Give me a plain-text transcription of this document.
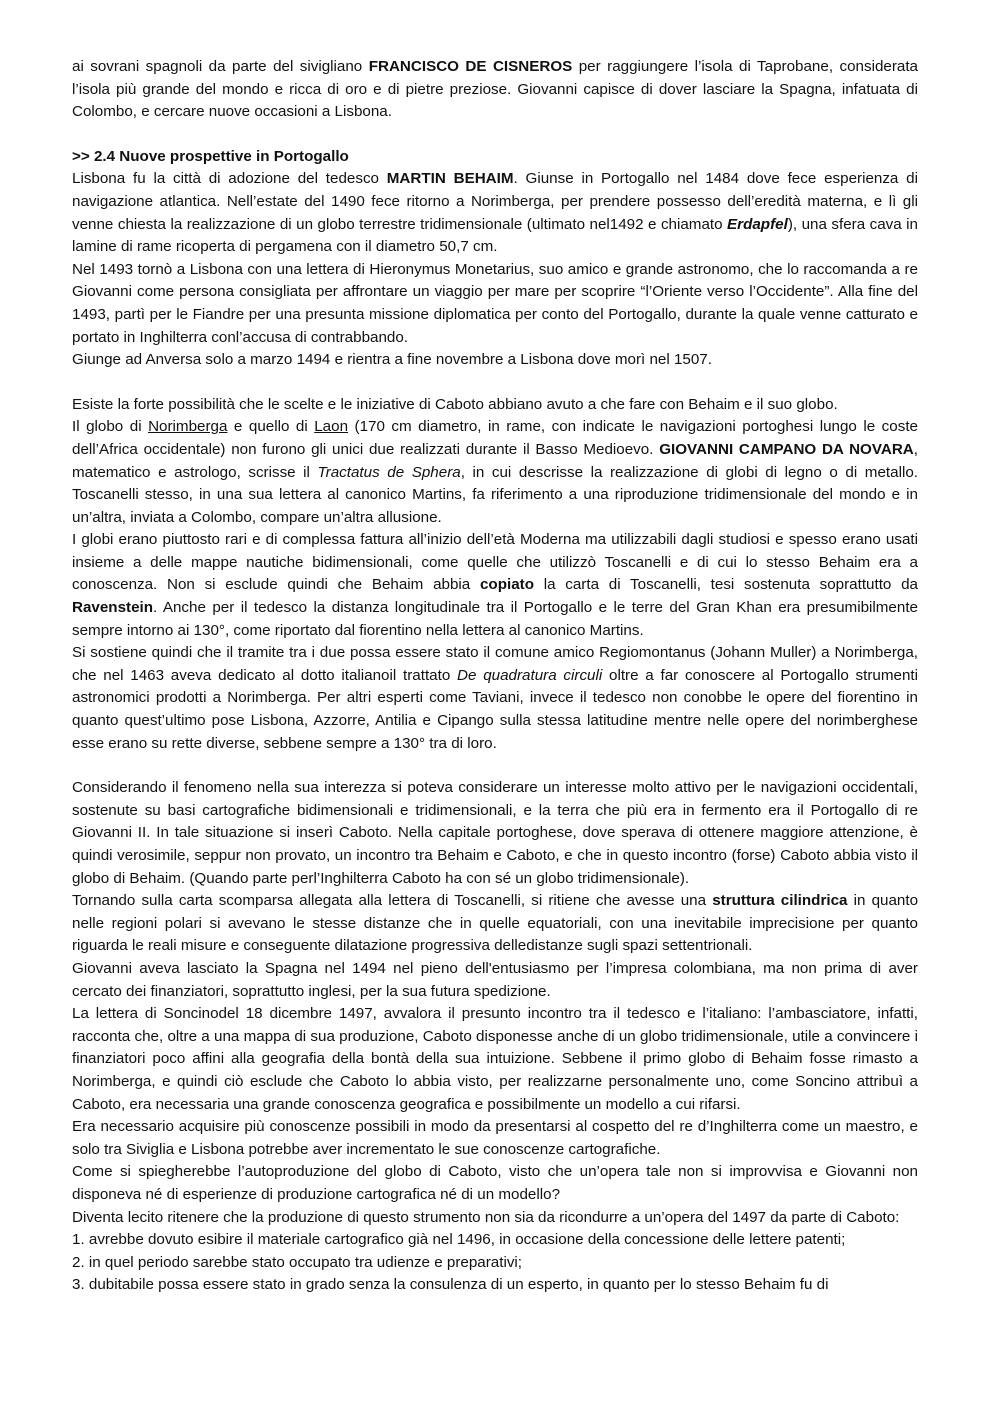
ai sovrani spagnoli da parte del sivigliano FRANCISCO DE CISNEROS per raggiungere l’isola di Taprobane, considerata l’isola più grande del mondo e ricca di oro e di pietre preziose. Giovanni capisce di dover lasciare la Spagna, infatuata di Colombo, e cercare nuove occasioni a Lisbona.

>> 2.4 Nuove prospettive in Portogallo

Lisbona fu la città di adozione del tedesco MARTIN BEHAIM. Giunse in Portogallo nel 1484 dove fece esperienza di navigazione atlantica. Nell’estate del 1490 fece ritorno a Norimberga, per prendere possesso dell’eredità materna, e lì gli venne chiesta la realizzazione di un globo terrestre tridimensionale (ultimato nel1492 e chiamato Erdapfel), una sfera cava in lamine di rame ricoperta di pergamena con il diametro 50,7 cm.

Nel 1493 tornò a Lisbona con una lettera di Hieronymus Monetarius, suo amico e grande astronomo, che lo raccomanda a re Giovanni come persona consigliata per affrontare un viaggio per mare per scoprire “l’Oriente verso l’Occidente”. Alla fine del 1493, partì per le Fiandre per una presunta missione diplomatica per conto del Portogallo, durante la quale venne catturato e portato in Inghilterra conl’accusa di contrabbando.

Giunge ad Anversa solo a marzo 1494 e rientra a fine novembre a Lisbona dove morì nel 1507.

Esiste la forte possibilità che le scelte e le iniziative di Caboto abbiano avuto a che fare con Behaim e il suo globo.

Il globo di Norimberga e quello di Laon (170 cm diametro, in rame, con indicate le navigazioni portoghesi lungo le coste dell’Africa occidentale) non furono gli unici due realizzati durante il Basso Medioevo. GIOVANNI CAMPANO DA NOVARA, matematico e astrologo, scrisse il Tractatus de Sphera, in cui descrisse la realizzazione di globi di legno o di metallo. Toscanelli stesso, in una sua lettera al canonico Martins, fa riferimento a una riproduzione tridimensionale del mondo e in un’altra, inviata a Colombo, compare un’altra allusione.

I globi erano piuttosto rari e di complessa fattura all’inizio dell’età Moderna ma utilizzabili dagli studiosi e spesso erano usati insieme a delle mappe nautiche bidimensionali, come quelle che utilizzò Toscanelli e di cui lo stesso Behaim era a conoscenza. Non si esclude quindi che Behaim abbia copiato la carta di Toscanelli, tesi sostenuta soprattutto da Ravenstein. Anche per il tedesco la distanza longitudinale tra il Portogallo e le terre del Gran Khan era presumibilmente sempre intorno ai 130°, come riportato dal fiorentino nella lettera al canonico Martins.

Si sostiene quindi che il tramite tra i due possa essere stato il comune amico Regiomontanus (Johann Muller) a Norimberga, che nel 1463 aveva dedicato al dotto italianoil trattato De quadratura circuli oltre a far conoscere al Portogallo strumenti astronomici prodotti a Norimberga. Per altri esperti come Taviani, invece il tedesco non conobbe le opere del fiorentino in quanto quest’ultimo pose Lisbona, Azzorre, Antilia e Cipango sulla stessa latitudine mentre nelle opere del norimberghese esse erano su rette diverse, sebbene sempre a 130° tra di loro.

Considerando il fenomeno nella sua interezza si poteva considerare un interesse molto attivo per le navigazioni occidentali, sostenute su basi cartografiche bidimensionali e tridimensionali, e la terra che più era in fermento era il Portogallo di re Giovanni II. In tale situazione si inserì Caboto. Nella capitale portoghese, dove sperava di ottenere maggiore attenzione, è quindi verosimile, seppur non provato, un incontro tra Behaim e Caboto, e che in questo incontro (forse) Caboto abbia visto il globo di Behaim. (Quando parte perl’Inghilterra Caboto ha con sé un globo tridimensionale).

Tornando sulla carta scomparsa allegata alla lettera di Toscanelli, si ritiene che avesse una struttura cilindrica in quanto nelle regioni polari si avevano le stesse distanze che in quelle equatoriali, con una inevitabile imprecisione per quanto riguarda le reali misure e conseguente dilatazione progressiva delledistanze sugli spazi settentrionali.

Giovanni aveva lasciato la Spagna nel 1494 nel pieno dell'entusiasmo per l’impresa colombiana, ma non prima di aver cercato dei finanziatori, soprattutto inglesi, per la sua futura spedizione.

La lettera di Soncinodel 18 dicembre 1497, avvalora il presunto incontro tra il tedesco e l’italiano: l’ambasciatore, infatti, racconta che, oltre a una mappa di sua produzione, Caboto disponesse anche di un globo tridimensionale, utile a convincere i finanziatori poco affini alla geografia della bontà della sua intuizione. Sebbene il primo globo di Behaim fosse rimasto a Norimberga, e quindi ciò esclude che Caboto lo abbia visto, per realizzarne personalmente uno, come Soncino attribuì a Caboto, era necessaria una grande conoscenza geografica e possibilmente un modello a cui rifarsi.

Era necessario acquisire più conoscenze possibili in modo da presentarsi al cospetto del re d’Inghilterra come un maestro, e solo tra Siviglia e Lisbona potrebbe aver incrementato le sue conoscenze cartografiche.

Come si spiegherebbe l’autoproduzione del globo di Caboto, visto che un’opera tale non si improvvisa e Giovanni non disponeva né di esperienze di produzione cartografica né di un modello?

Diventa lecito ritenere che la produzione di questo strumento non sia da ricondurre a un’opera del 1497 da parte di Caboto:

1. avrebbe dovuto esibire il materiale cartografico già nel 1496, in occasione della concessione delle lettere patenti;
2. in quel periodo sarebbe stato occupato tra udienze e preparativi;
3. dubitabile possa essere stato in grado senza la consulenza di un esperto, in quanto per lo stesso Behaim fu di
